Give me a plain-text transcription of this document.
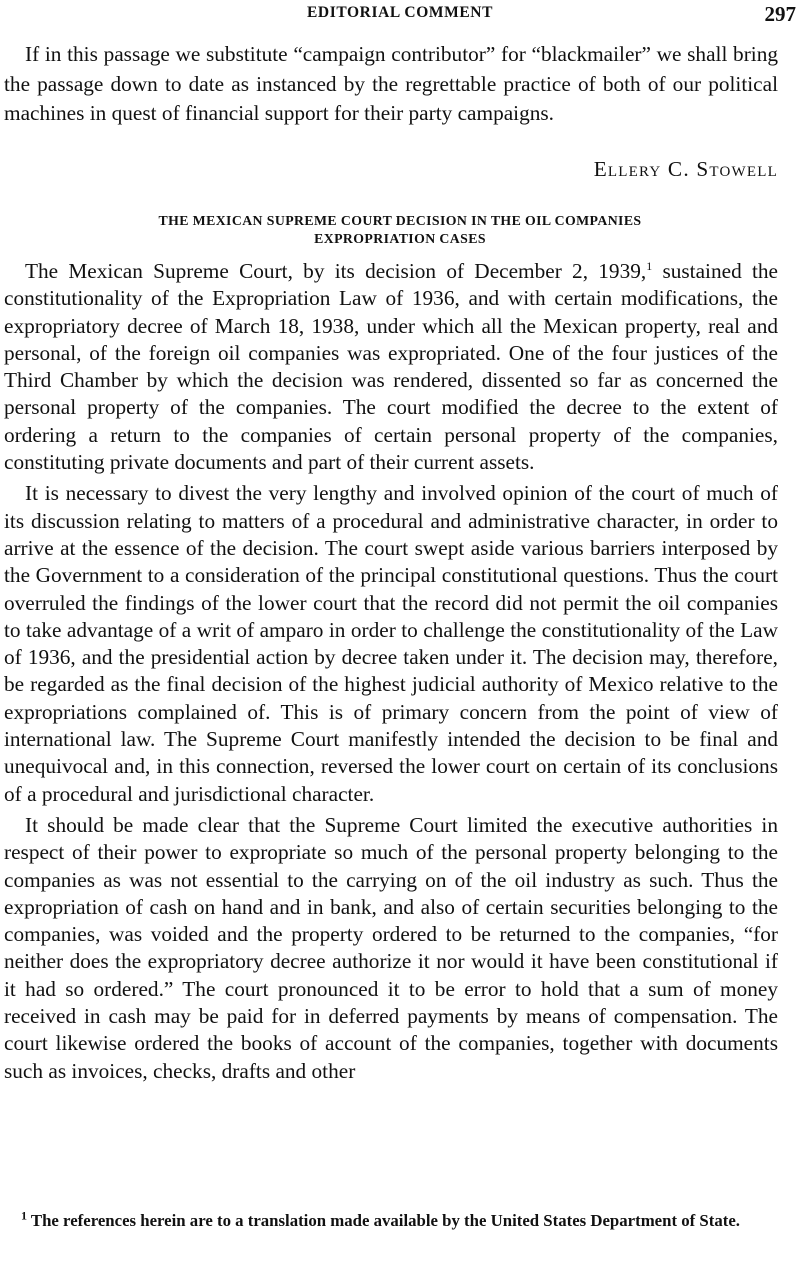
EDITORIAL COMMENT	297

If in this passage we substitute “campaign contributor” for “blackmailer” we shall bring the passage down to date as instanced by the regrettable practice of both of our political machines in quest of financial support for their party campaigns.

Ellery C. Stowell
THE MEXICAN SUPREME COURT DECISION IN THE OIL COMPANIES
EXPROPRIATION CASES

The Mexican Supreme Court, by its decision of December 2, 1939,$^1$ sustained the constitutionality of the Expropriation Law of 1936, and with certain modifications, the expropriatory decree of March 18, 1938, under which all the Mexican property, real and personal, of the foreign oil companies was expropriated. One of the four justices of the Third Chamber by which the decision was rendered, dissented so far as concerned the personal property of the companies. The court modified the decree to the extent of ordering a return to the companies of certain personal property of the companies, constituting private documents and part of their current assets.

It is necessary to divest the very lengthy and involved opinion of the court of much of its discussion relating to matters of a procedural and administrative character, in order to arrive at the essence of the decision. The court swept aside various barriers interposed by the Government to a consideration of the principal constitutional questions. Thus the court overruled the findings of the lower court that the record did not permit the oil companies to take advantage of a writ of amparo in order to challenge the constitutionality of the Law of 1936, and the presidential action by decree taken under it. The decision may, therefore, be regarded as the final decision of the highest judicial authority of Mexico relative to the expropriations complained of. This is of primary concern from the point of view of international law. The Supreme Court manifestly intended the decision to be final and unequivocal and, in this connection, reversed the lower court on certain of its conclusions of a procedural and jurisdictional character.

It should be made clear that the Supreme Court limited the executive authorities in respect of their power to expropriate so much of the personal property belonging to the companies as was not essential to the carrying on of the oil industry as such. Thus the expropriation of cash on hand and in bank, and also of certain securities belonging to the companies, was voided and the property ordered to be returned to the companies, “for neither does the expropriatory decree authorize it nor would it have been constitutional if it had so ordered.” The court pronounced it to be error to hold that a sum of money received in cash may be paid for in deferred payments by means of compensation. The court likewise ordered the books of account of the companies, together with documents such as invoices, checks, drafts and other

$^1$ The references herein are to a translation made available by the United States Department of State.
